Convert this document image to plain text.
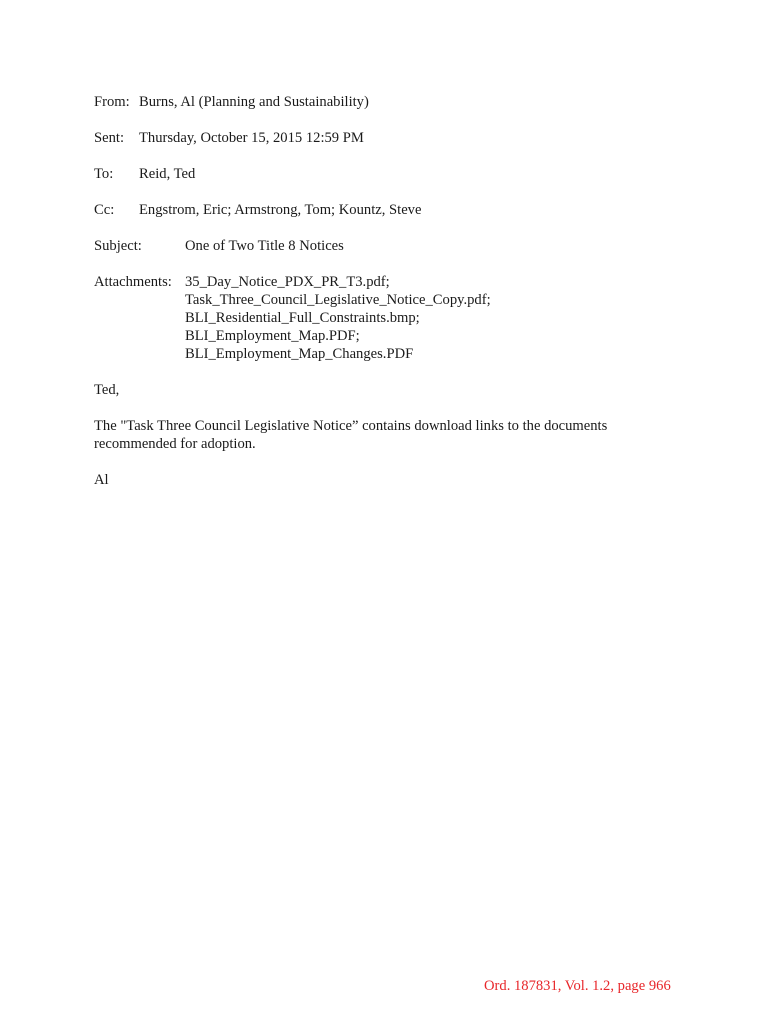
From: Burns, Al (Planning and Sustainability)
Sent:	Thursday, October 15, 2015 12:59 PM
To:	Reid, Ted
Cc:	Engstrom, Eric; Armstrong, Tom; Kountz, Steve
Subject:	One of Two Title 8 Notices
Attachments: 35_Day_Notice_PDX_PR_T3.pdf;
Task_Three_Council_Legislative_Notice_Copy.pdf;
BLI_Residential_Full_Constraints.bmp;
BLI_Employment_Map.PDF;
BLI_Employment_Map_Changes.PDF

Ted,

The "Task Three Council Legislative Notice” contains download links to the documents recommended for adoption.

Al

Ord. 187831, Vol. 1.2, page 966
